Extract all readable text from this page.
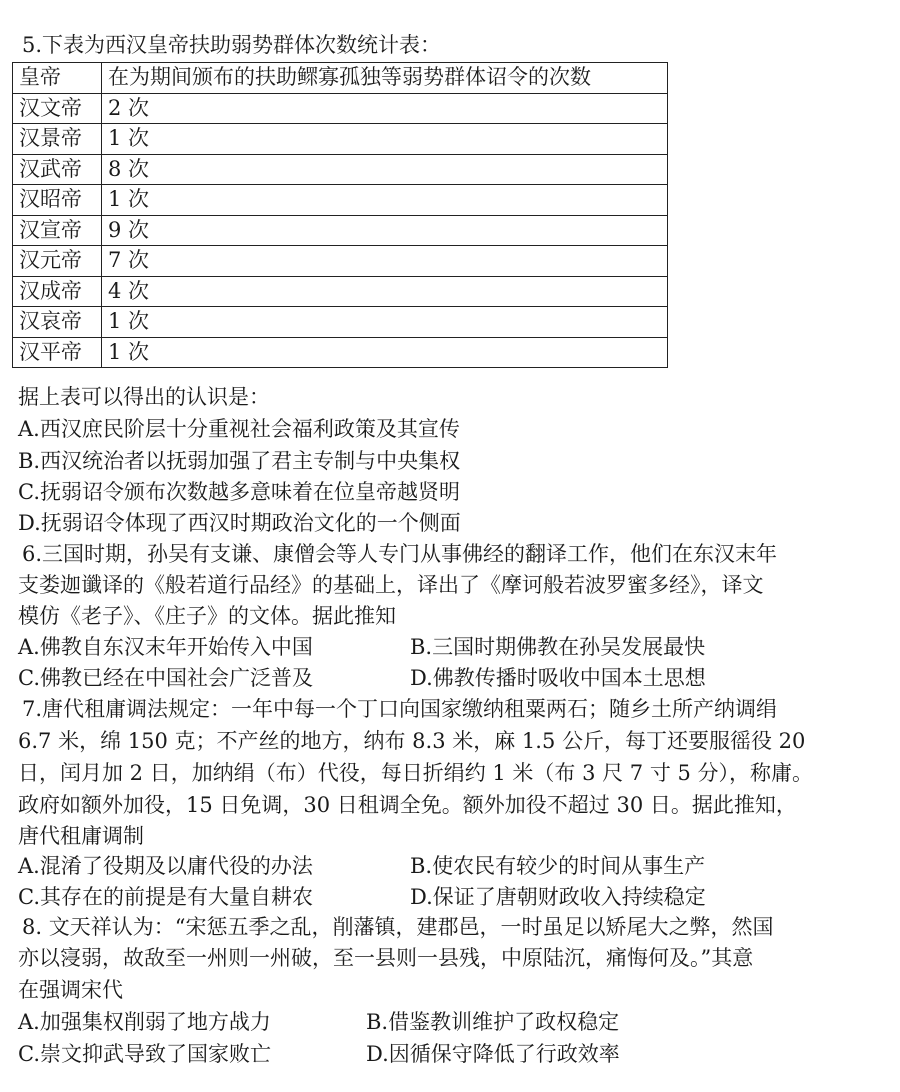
5.下表为西汉皇帝扶助弱势群体次数统计表：
皇帝	在为期间颁布的扶助鳏寡孤独等弱势群体诏令的次数
汉文帝	2 次
汉景帝	1 次
汉武帝	8 次
汉昭帝	1 次
汉宣帝	9 次
汉元帝	7 次
汉成帝	4 次
汉哀帝	1 次
汉平帝	1 次
据上表可以得出的认识是：
A.西汉庶民阶层十分重视社会福利政策及其宣传
B.西汉统治者以抚弱加强了君主专制与中央集权
C.抚弱诏令颁布次数越多意味着在位皇帝越贤明
D.抚弱诏令体现了西汉时期政治文化的一个侧面
6.三国时期，孙吴有支谦、康僧会等人专门从事佛经的翻译工作，他们在东汉末年
支娄迦谶译的《般若道行品经》的基础上，译出了《摩诃般若波罗蜜多经》，译文
模仿《老子》、《庄子》的文体。据此推知
A.佛教自东汉末年开始传入中国	B.三国时期佛教在孙吴发展最快
C.佛教已经在中国社会广泛普及	D.佛教传播时吸收中国本土思想
7.唐代租庸调法规定：一年中每一个丁口向国家缴纳租粟两石；随乡土所产纳调绢
6.7 米，绵 150 克；不产丝的地方，纳布 8.3 米，麻 1.5 公斤，每丁还要服徭役 20
日，闰月加 2 日，加纳绢（布）代役，每日折绢约 1 米（布 3 尺 7 寸 5 分），称庸。
政府如额外加役，15 日免调，30 日租调全免。额外加役不超过 30 日。据此推知，
唐代租庸调制
A.混淆了役期及以庸代役的办法	B.使农民有较少的时间从事生产
C.其存在的前提是有大量自耕农	D.保证了唐朝财政收入持续稳定
8. 文天祥认为：“宋惩五季之乱，削藩镇，建郡邑，一时虽足以矫尾大之弊，然国
亦以寖弱，故敌至一州则一州破，至一县则一县残，中原陆沉，痛悔何及。”其意
在强调宋代
A.加强集权削弱了地方战力	B.借鉴教训维护了政权稳定
C.崇文抑武导致了国家败亡	D.因循保守降低了行政效率
